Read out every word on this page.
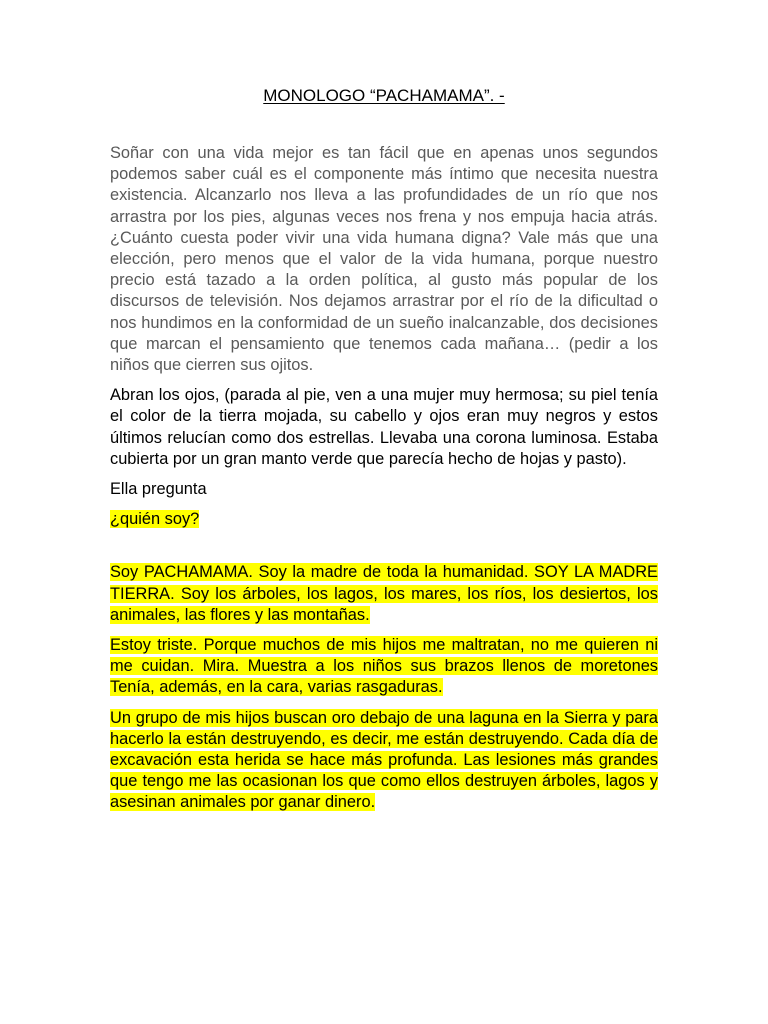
MONOLOGO “PACHAMAMA”. -

Soñar con una vida mejor es tan fácil que en apenas unos segundos podemos saber cuál es el componente más íntimo que necesita nuestra existencia. Alcanzarlo nos lleva a las profundidades de un río que nos arrastra por los pies, algunas veces nos frena y nos empuja hacia atrás. ¿Cuánto cuesta poder vivir una vida humana digna? Vale más que una elección, pero menos que el valor de la vida humana, porque nuestro precio está tazado a la orden política, al gusto más popular de los discursos de televisión. Nos dejamos arrastrar por el río de la dificultad o nos hundimos en la conformidad de un sueño inalcanzable, dos decisiones que marcan el pensamiento que tenemos cada mañana… (pedir a los niños que cierren sus ojitos.

Abran los ojos, (parada al pie, ven a una mujer muy hermosa; su piel tenía el color de la tierra mojada, su cabello y ojos eran muy negros y estos últimos relucían como dos estrellas. Llevaba una corona luminosa. Estaba cubierta por un gran manto verde que parecía hecho de hojas y pasto).

Ella pregunta

¿quién soy?

Soy PACHAMAMA. Soy la madre de toda la humanidad. SOY LA MADRE TIERRA. Soy los árboles, los lagos, los mares, los ríos, los desiertos, los animales, las flores y las montañas.

Estoy triste. Porque muchos de mis hijos me maltratan, no me quieren ni me cuidan. Mira. Muestra a los niños sus brazos llenos de moretones Tenía, además, en la cara, varias rasgaduras.

Un grupo de mis hijos buscan oro debajo de una laguna en la Sierra y para hacerlo la están destruyendo, es decir, me están destruyendo. Cada día de excavación esta herida se hace más profunda. Las lesiones más grandes que tengo me las ocasionan los que como ellos destruyen árboles, lagos y asesinan animales por ganar dinero.
